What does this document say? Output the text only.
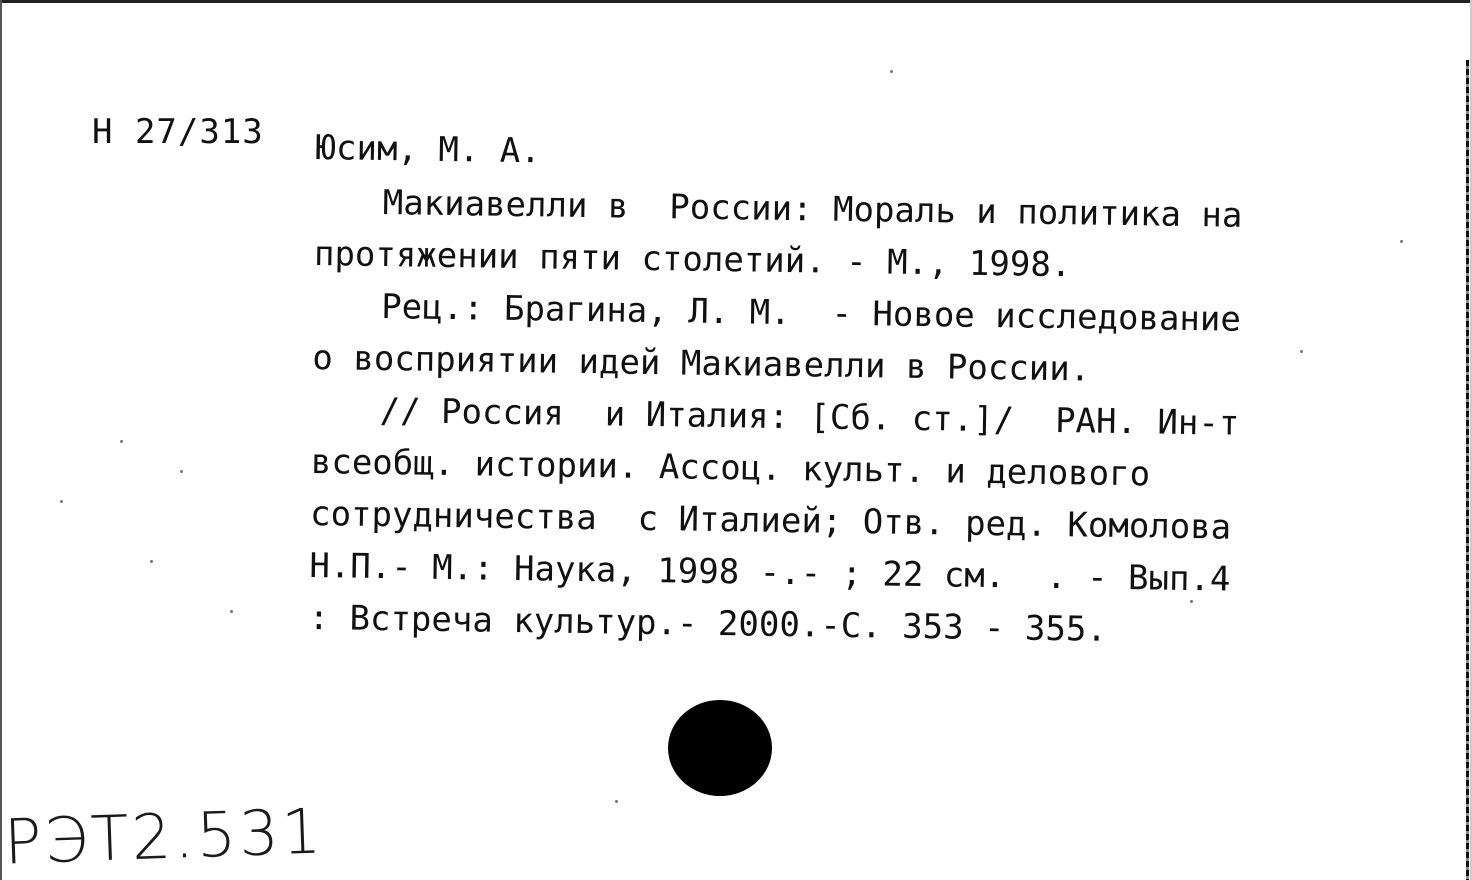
H 27/313 Юсим, М. А.
Макиавелли в  России: Мораль и политика на
протяжении пяти столетий. - М., 1998.
Рец.: Брагина, Л. М.  - Новое исследование
о восприятии идей Макиавелли в России.
// Россия  и Италия: [Сб. ст.]/  РАН. Ин-т
всеобщ. истории. Ассоц. культ. и делового
сотрудничества  с Италией; Отв. ред. Комолова
Н.П.- М.: Наука, 1998 -.- ; 22 см.  . - Вып.4
: Встреча культур.- 2000.-С. 353 - 355.
РЭТ2.531
